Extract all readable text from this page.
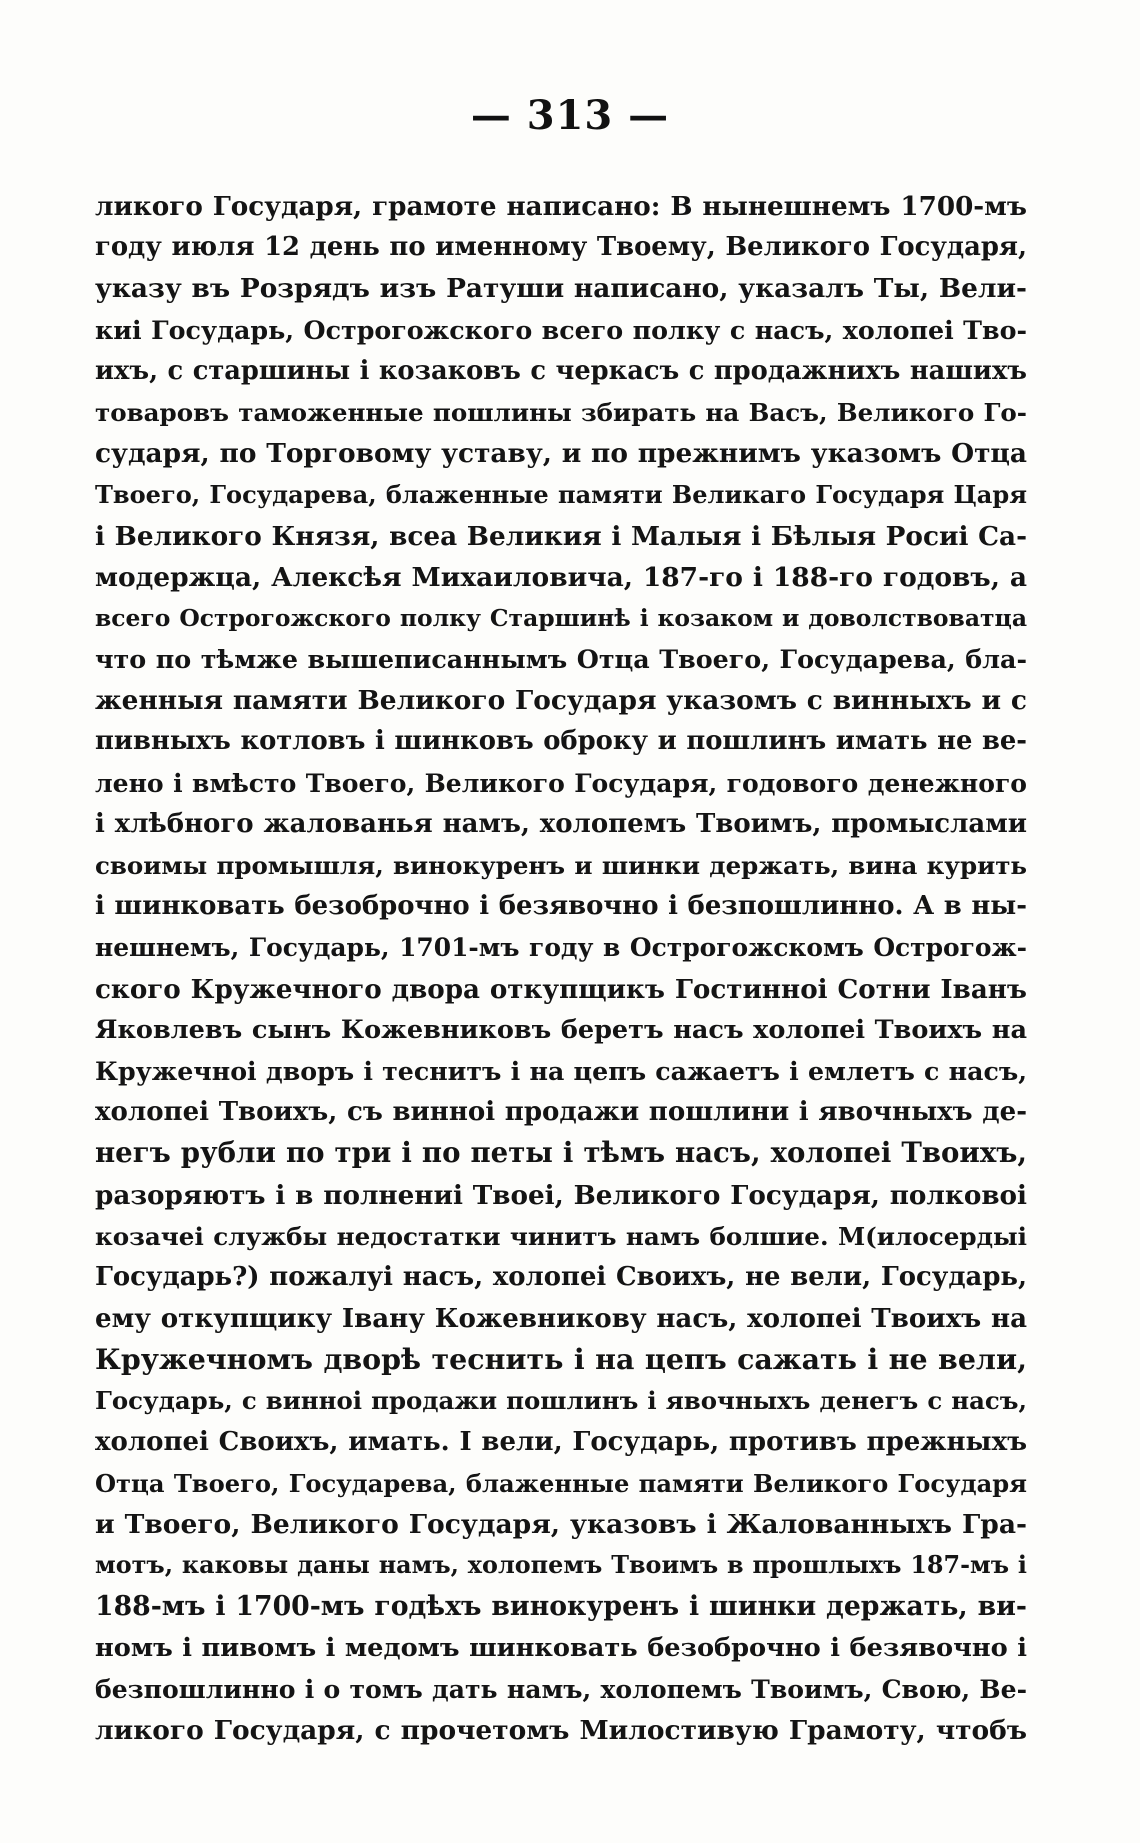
— 313 —
ликого Государя, грамоте написано: В нынешнемъ 1700-мъ
году июля 12 день по именному Твоему, Великого Государя,
указу въ Розрядъ изъ Ратуши написано, указалъ Ты, Вели-
киі Государь, Острогожского всего полку с насъ, холопеі Тво-
ихъ, с старшины і козаковъ с черкасъ с продажнихъ нашихъ
товаровъ таможенные пошлины збирать на Васъ, Великого Го-
сударя, по Торговому уставу, и по прежнимъ указомъ Отца
Твоего, Государева, блаженные памяти Великаго Государя Царя
і Великого Князя, всеа Великия і Малыя і Бѣлыя Росиі Са-
модержца, Алексѣя Михаиловича, 187-го і 188-го годовъ, а
всего Острогожского полку Старшинѣ і козаком и доволствоватца
что по тѣмже вышеписаннымъ Отца Твоего, Государева, бла-
женныя памяти Великого Государя указомъ с винныхъ и с
пивныхъ котловъ і шинковъ оброку и пошлинъ имать не ве-
лено і вмѣсто Твоего, Великого Государя, годового денежного
і хлѣбного жалованья намъ, холопемъ Твоимъ, промыслами
своимы промышля, винокуренъ и шинки держать, вина курить
і шинковать безоброчно і безявочно і безпошлинно. А в ны-
нешнемъ, Государь, 1701-мъ году в Острогожскомъ Острогож-
ского Кружечного двора откупщикъ Гостинноі Сотни Іванъ
Яковлевъ сынъ Кожевниковъ беретъ насъ холопеі Твоихъ на
Кружечноі дворъ і теснитъ і на цепъ сажаетъ і емлетъ с насъ,
холопеі Твоихъ, съ винноі продажи пошлини і явочныхъ де-
негъ рубли по три і по петы і тѣмъ насъ, холопеі Твоихъ,
разоряютъ і в полнениі Твоеі, Великого Государя, полковоі
козачеі службы недостатки чинитъ намъ болшие. М(илосердыі
Государь?) пожалуі насъ, холопеі Своихъ, не вели, Государь,
ему откупщику Івану Кожевникову насъ, холопеі Твоихъ на
Кружечномъ дворѣ теснить і на цепъ сажать і не вели,
Государь, с винноі продажи пошлинъ і явочныхъ денегъ с насъ,
холопеі Своихъ, имать. І вели, Государь, противъ прежныхъ
Отца Твоего, Государева, блаженные памяти Великого Государя
и Твоего, Великого Государя, указовъ і Жалованныхъ Гра-
мотъ, каковы даны намъ, холопемъ Твоимъ в прошлыхъ 187-мъ і
188-мъ і 1700-мъ годѣхъ винокуренъ і шинки держать, ви-
номъ і пивомъ і медомъ шинковать безоброчно і безявочно і
безпошлинно і о томъ дать намъ, холопемъ Твоимъ, Свою, Ве-
ликого Государя, с прочетомъ Милостивую Грамоту, чтобъ
